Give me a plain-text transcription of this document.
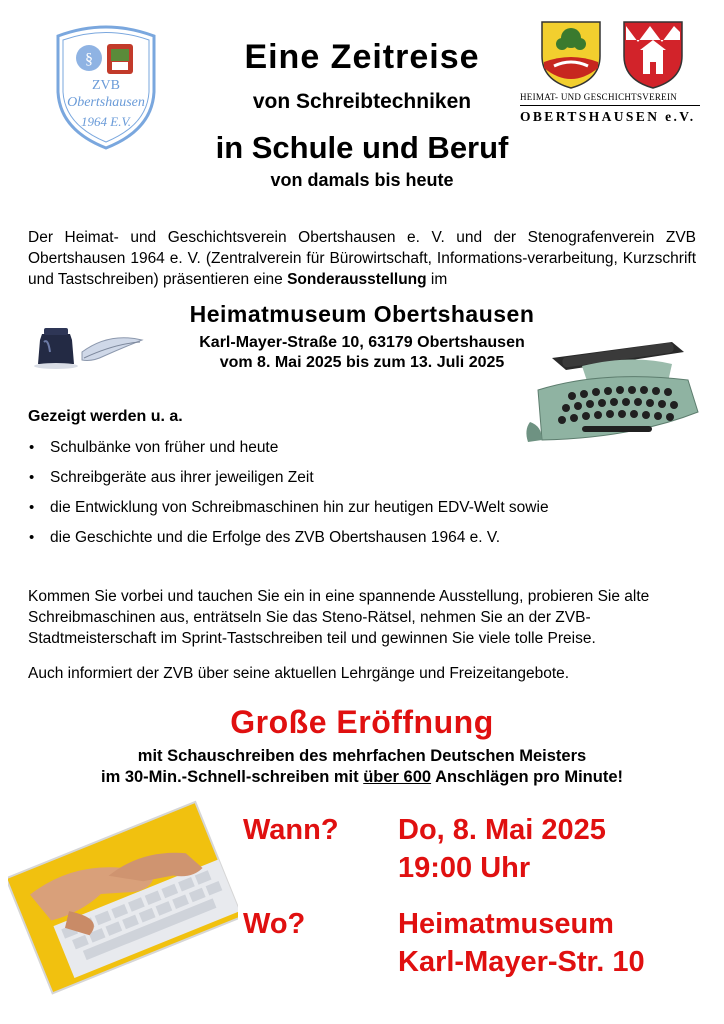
§
ZVB
Obertshausen
1964 E.V.
HEIMAT- UND GESCHICHTSVEREIN
OBERTSHAUSEN e.V.
Eine Zeitreise
von Schreibtechniken
in Schule und Beruf
von damals bis heute
Der Heimat- und Geschichtsverein Obertshausen e. V. und der Stenografenverein ZVB Obertshausen 1964 e. V. (Zentralverein für Bürowirtschaft, Informations-verarbeitung, Kurzschrift und Tastschreiben) präsentieren eine Sonderausstellung im
Heimatmuseum Obertshausen
Karl-Mayer-Straße 10, 63179 Obertshausen
vom 8. Mai 2025 bis zum 13. Juli 2025
Gezeigt werden u. a.
• Schulbänke von früher und heute
• Schreibgeräte aus ihrer jeweiligen Zeit
• die Entwicklung von Schreibmaschinen hin zur heutigen EDV-Welt sowie
• die Geschichte und die Erfolge des ZVB Obertshausen 1964 e. V.
Kommen Sie vorbei und tauchen Sie ein in eine spannende Ausstellung, probieren Sie alte Schreibmaschinen aus, enträtseln Sie das Steno-Rätsel, nehmen Sie an der ZVB-Stadtmeisterschaft im Sprint-Tastschreiben teil und gewinnen Sie viele tolle Preise.
Auch informiert der ZVB über seine aktuellen Lehrgänge und Freizeitangebote.
Große Eröffnung
mit Schauschreiben des mehrfachen Deutschen Meisters
im 30-Min.-Schnell-schreiben mit über 600 Anschlägen pro Minute!
Wann? Do, 8. Mai 2025
19:00 Uhr
Wo?	Heimatmuseum
Karl-Mayer-Str. 10
